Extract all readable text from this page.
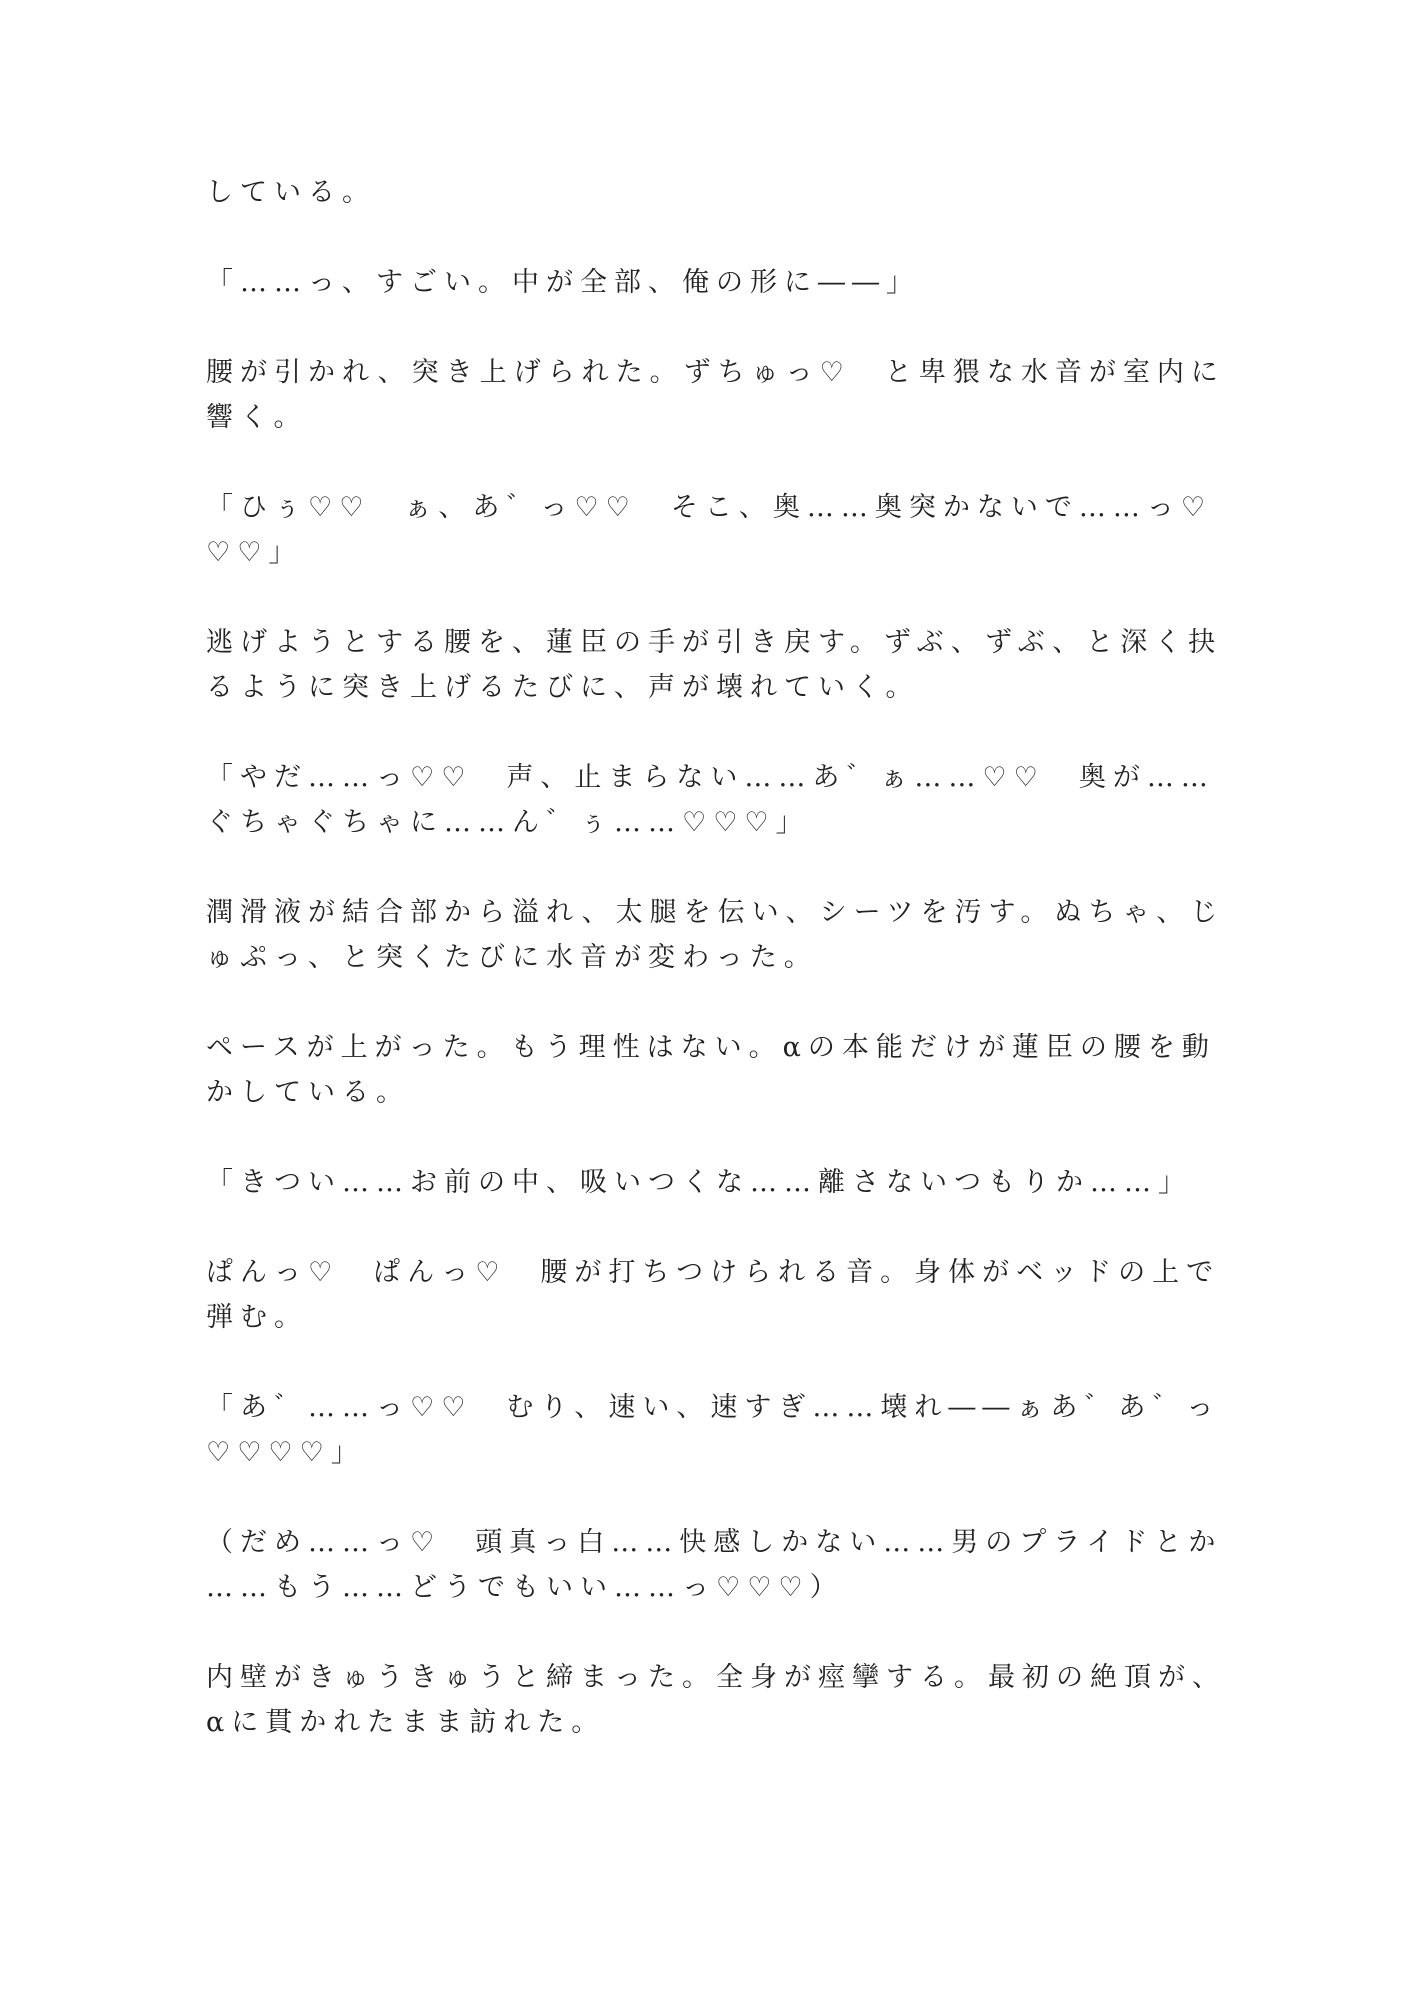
している。
「……っ、すごい。中が全部、俺の形に――」
腰が引かれ、突き上げられた。ずちゅっ♡　と卑猥な水音が室内に
響く。
「ひぅ♡♡　ぁ、あ゛っ♡♡　そこ、奥……奥突かないで……っ♡
♡♡」
逃げようとする腰を、蓮臣の手が引き戻す。ずぶ、ずぶ、と深く抉
るように突き上げるたびに、声が壊れていく。
「やだ……っ♡♡　声、止まらない……あ゛ぁ……♡♡　奥が……
ぐちゃぐちゃに……ん゛ぅ……♡♡♡」
潤滑液が結合部から溢れ、太腿を伝い、シーツを汚す。ぬちゃ、じ
ゅぷっ、と突くたびに水音が変わった。
ペースが上がった。もう理性はない。αの本能だけが蓮臣の腰を動
かしている。
「きつい……お前の中、吸いつくな……離さないつもりか……」
ぱんっ♡　ぱんっ♡　腰が打ちつけられる音。身体がベッドの上で
弾む。
「あ゛……っ♡♡　むり、速い、速すぎ……壊れ――ぁあ゛あ゛っ
♡♡♡♡」
（だめ……っ♡　頭真っ白……快感しかない……男のプライドとか
……もう……どうでもいい……っ♡♡♡）
内壁がきゅうきゅうと締まった。全身が痙攣する。最初の絶頂が、
αに貫かれたまま訪れた。
